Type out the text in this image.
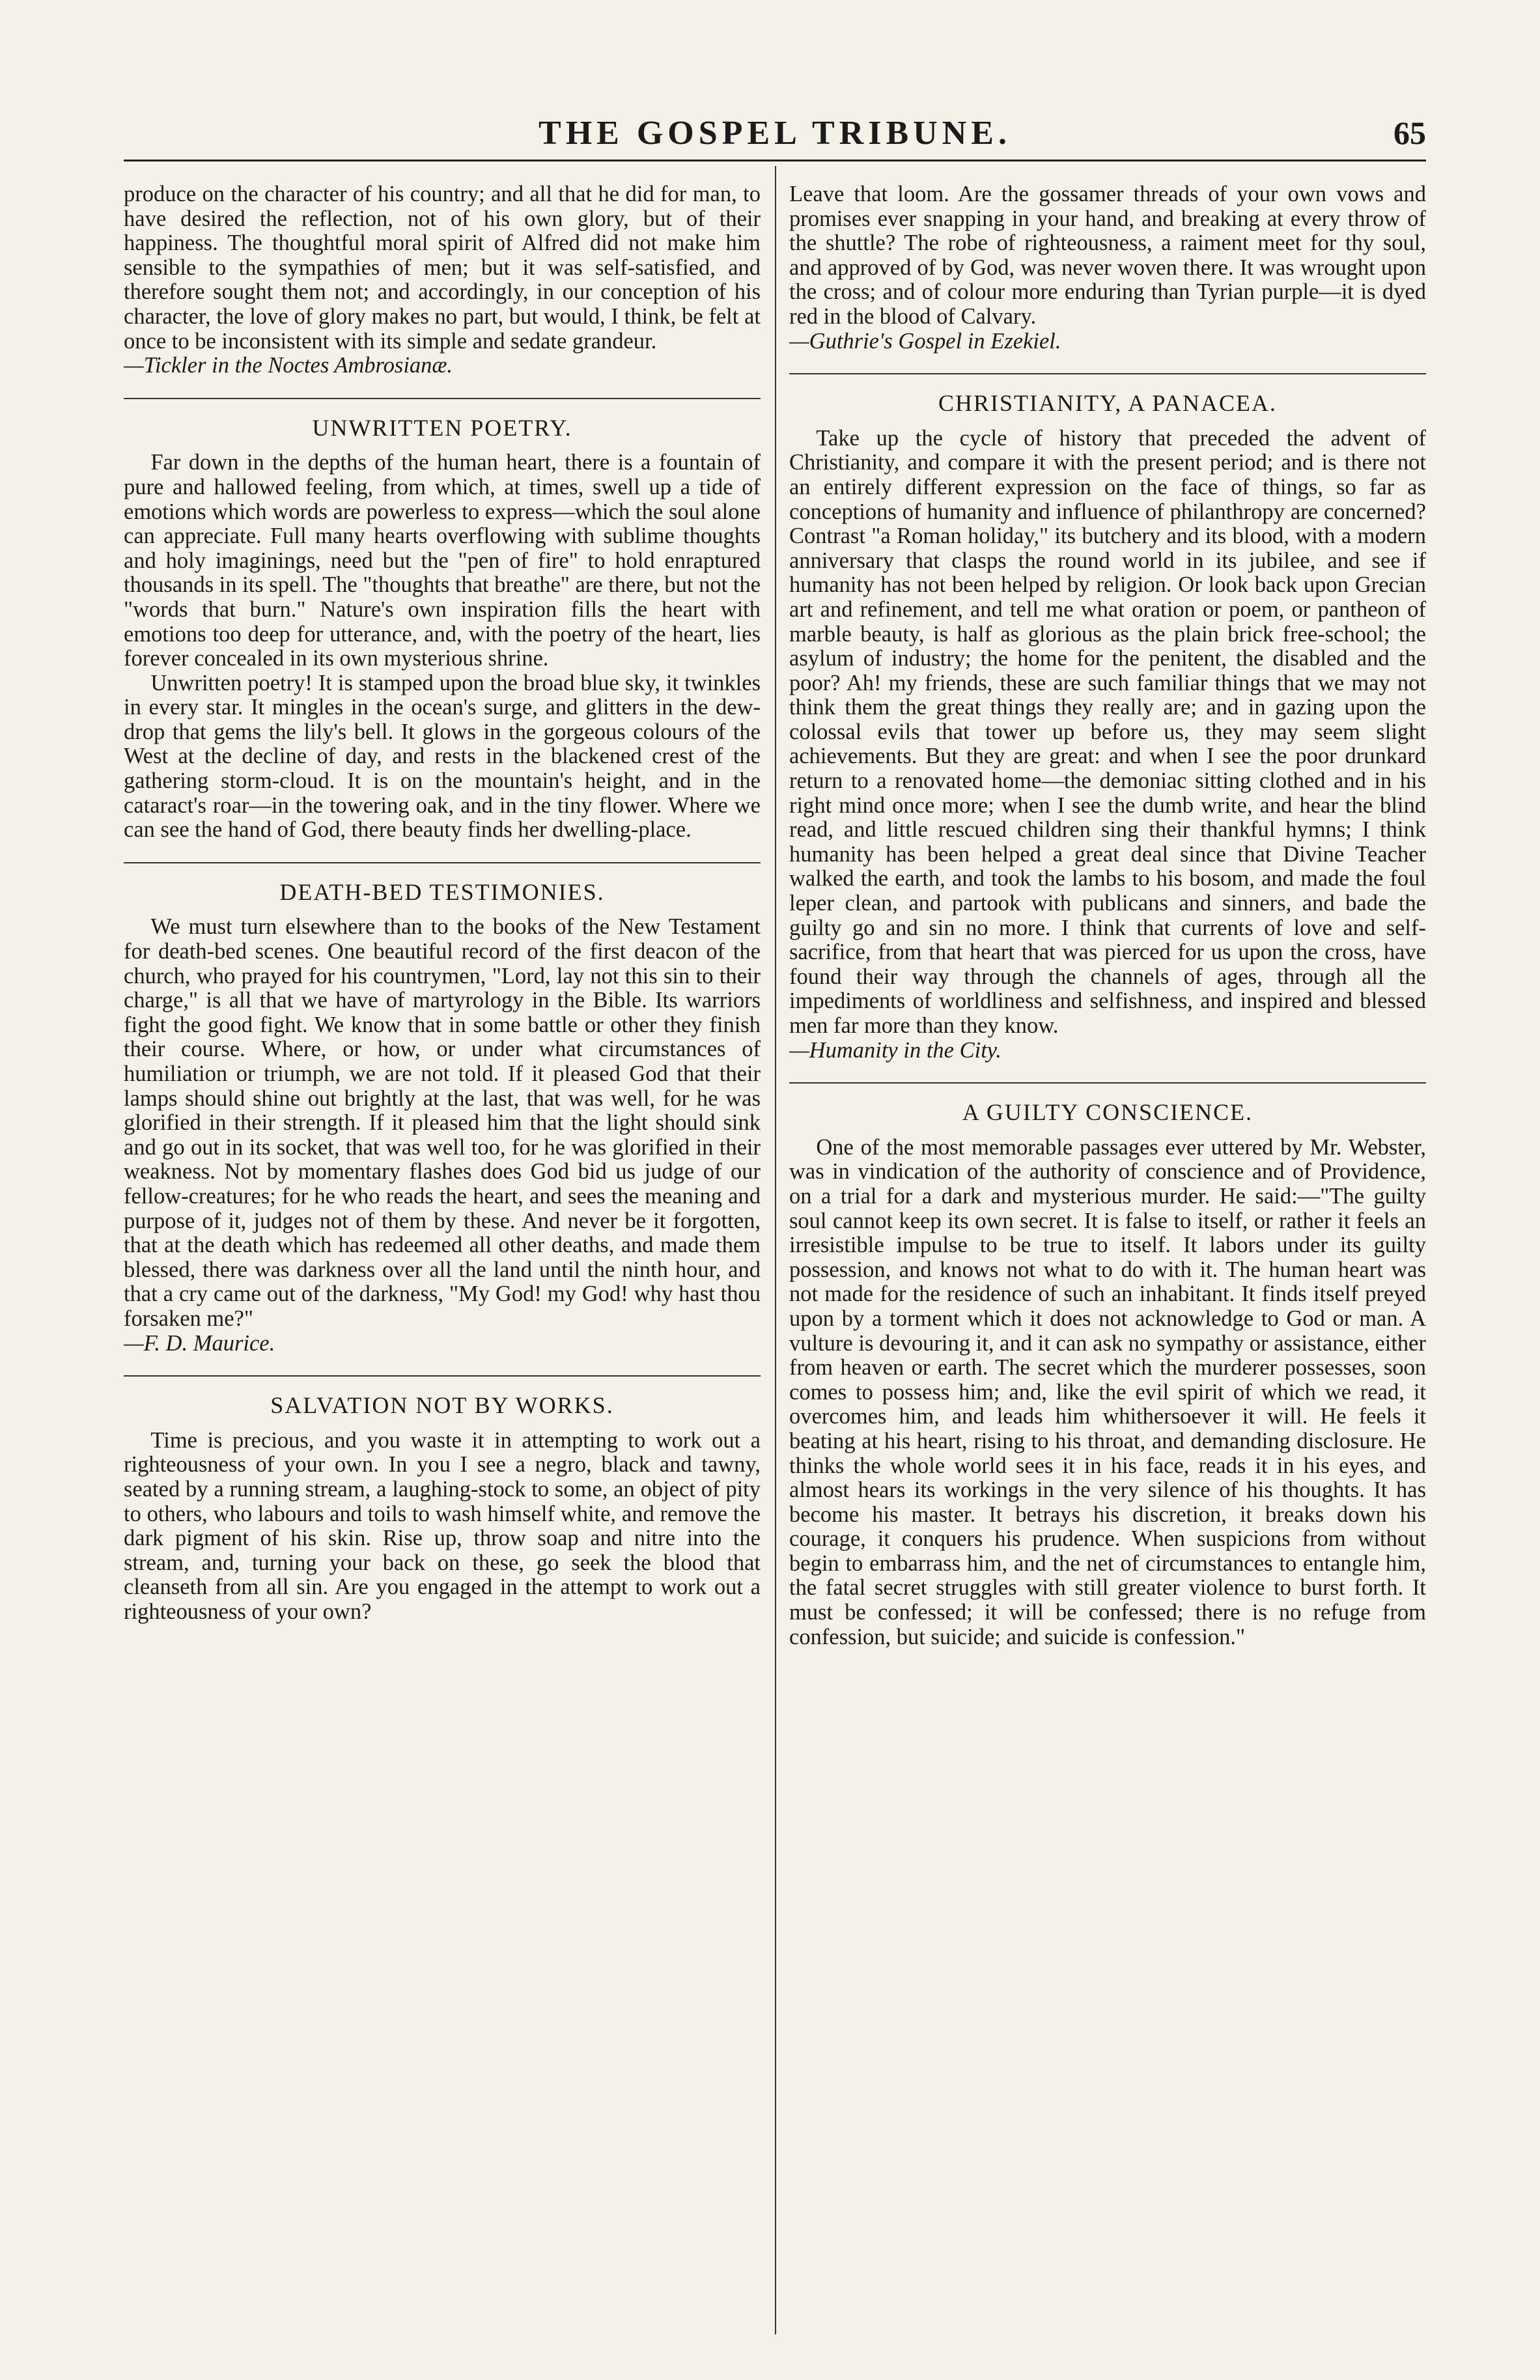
THE GOSPEL TRIBUNE.	65

produce on the character of his country; and all that he did for man, to have desired the reflection, not of his own glory, but of their happiness. The thoughtful moral spirit of Alfred did not make him sensible to the sympathies of men; but it was self-satisfied, and therefore sought them not; and accordingly, in our conception of his character, the love of glory makes no part, but would, I think, be felt at once to be inconsistent with its simple and sedate grandeur.

—Tickler in the Noctes Ambrosianæ.

UNWRITTEN POETRY.

Far down in the depths of the human heart, there is a fountain of pure and hallowed feeling, from which, at times, swell up a tide of emotions which words are powerless to express—which the soul alone can appreciate. Full many hearts overflowing with sublime thoughts and holy imaginings, need but the "pen of fire" to hold enraptured thousands in its spell. The "thoughts that breathe" are there, but not the "words that burn." Nature's own inspiration fills the heart with emotions too deep for utterance, and, with the poetry of the heart, lies forever concealed in its own mysterious shrine.

Unwritten poetry! It is stamped upon the broad blue sky, it twinkles in every star. It mingles in the ocean's surge, and glitters in the dew-drop that gems the lily's bell. It glows in the gorgeous colours of the West at the decline of day, and rests in the blackened crest of the gathering storm-cloud. It is on the mountain's height, and in the cataract's roar—in the towering oak, and in the tiny flower. Where we can see the hand of God, there beauty finds her dwelling-place.

DEATH-BED TESTIMONIES.

We must turn elsewhere than to the books of the New Testament for death-bed scenes. One beautiful record of the first deacon of the church, who prayed for his countrymen, "Lord, lay not this sin to their charge," is all that we have of martyrology in the Bible. Its warriors fight the good fight. We know that in some battle or other they finish their course. Where, or how, or under what circumstances of humiliation or triumph, we are not told. If it pleased God that their lamps should shine out brightly at the last, that was well, for he was glorified in their strength. If it pleased him that the light should sink and go out in its socket, that was well too, for he was glorified in their weakness. Not by momentary flashes does God bid us judge of our fellow-creatures; for he who reads the heart, and sees the meaning and purpose of it, judges not of them by these. And never be it forgotten, that at the death which has redeemed all other deaths, and made them blessed, there was darkness over all the land until the ninth hour, and that a cry came out of the darkness, "My God! my God! why hast thou forsaken me?"

—F. D. Maurice.

SALVATION NOT BY WORKS.

Time is precious, and you waste it in attempting to work out a righteousness of your own. In you I see a negro, black and tawny, seated by a running stream, a laughing-stock to some, an object of pity to others, who labours and toils to wash himself white, and remove the dark pigment of his skin. Rise up, throw soap and nitre into the stream, and, turning your back on these, go seek the blood that cleanseth from all sin. Are you engaged in the attempt to work out a righteousness of your own?

Leave that loom. Are the gossamer threads of your own vows and promises ever snapping in your hand, and breaking at every throw of the shuttle? The robe of righteousness, a raiment meet for thy soul, and approved of by God, was never woven there. It was wrought upon the cross; and of colour more enduring than Tyrian purple—it is dyed red in the blood of Calvary.

—Guthrie's Gospel in Ezekiel.

CHRISTIANITY, A PANACEA.

Take up the cycle of history that preceded the advent of Christianity, and compare it with the present period; and is there not an entirely different expression on the face of things, so far as conceptions of humanity and influence of philanthropy are concerned? Contrast "a Roman holiday," its butchery and its blood, with a modern anniversary that clasps the round world in its jubilee, and see if humanity has not been helped by religion. Or look back upon Grecian art and refinement, and tell me what oration or poem, or pantheon of marble beauty, is half as glorious as the plain brick free-school; the asylum of industry; the home for the penitent, the disabled and the poor? Ah! my friends, these are such familiar things that we may not think them the great things they really are; and in gazing upon the colossal evils that tower up before us, they may seem slight achievements. But they are great: and when I see the poor drunkard return to a renovated home—the demoniac sitting clothed and in his right mind once more; when I see the dumb write, and hear the blind read, and little rescued children sing their thankful hymns; I think humanity has been helped a great deal since that Divine Teacher walked the earth, and took the lambs to his bosom, and made the foul leper clean, and partook with publicans and sinners, and bade the guilty go and sin no more. I think that currents of love and self-sacrifice, from that heart that was pierced for us upon the cross, have found their way through the channels of ages, through all the impediments of worldliness and selfishness, and inspired and blessed men far more than they know.

—Humanity in the City.

A GUILTY CONSCIENCE.

One of the most memorable passages ever uttered by Mr. Webster, was in vindication of the authority of conscience and of Providence, on a trial for a dark and mysterious murder. He said:—"The guilty soul cannot keep its own secret. It is false to itself, or rather it feels an irresistible impulse to be true to itself. It labors under its guilty possession, and knows not what to do with it. The human heart was not made for the residence of such an inhabitant. It finds itself preyed upon by a torment which it does not acknowledge to God or man. A vulture is devouring it, and it can ask no sympathy or assistance, either from heaven or earth. The secret which the murderer possesses, soon comes to possess him; and, like the evil spirit of which we read, it overcomes him, and leads him whithersoever it will. He feels it beating at his heart, rising to his throat, and demanding disclosure. He thinks the whole world sees it in his face, reads it in his eyes, and almost hears its workings in the very silence of his thoughts. It has become his master. It betrays his discretion, it breaks down his courage, it conquers his prudence. When suspicions from without begin to embarrass him, and the net of circumstances to entangle him, the fatal secret struggles with still greater violence to burst forth. It must be confessed; it will be confessed; there is no refuge from confession, but suicide; and suicide is confession."
